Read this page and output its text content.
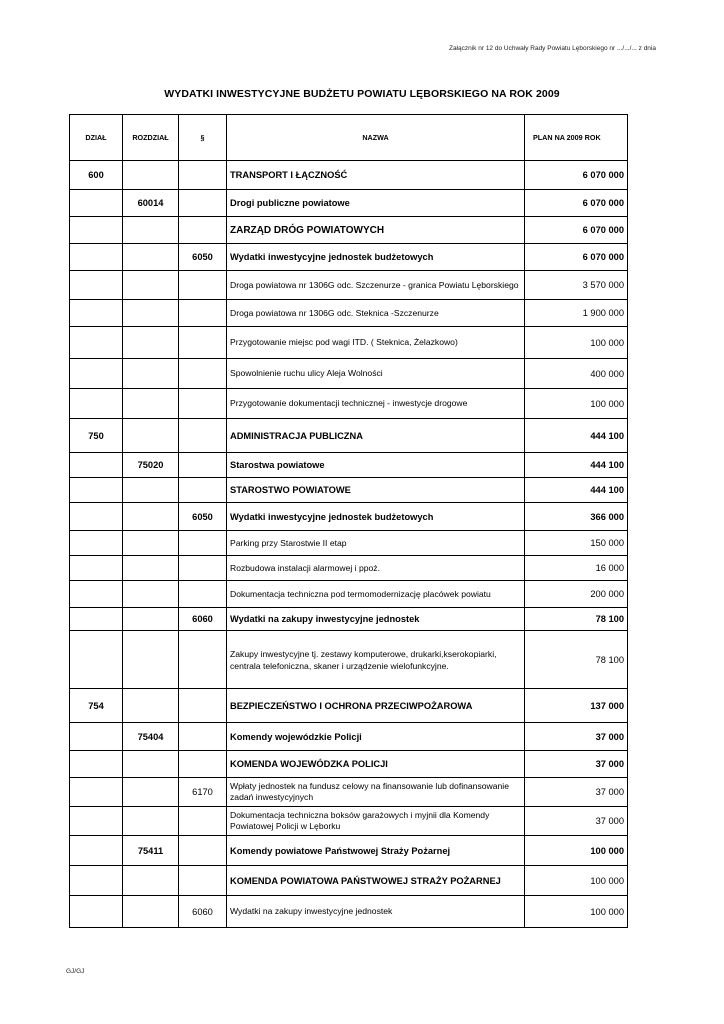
Załącznik nr 12 do Uchwały Rady Powiatu Lęborskiego nr .../.../... z dnia
WYDATKI INWESTYCYJNE BUDŻETU POWIATU LĘBORSKIEGO NA ROK 2009
DZIAŁ	ROZDZIAŁ	§	NAZWA	PLAN NA 2009 ROK
600			TRANSPORT I ŁĄCZNOŚĆ	6 070 000
	60014		Drogi publiczne powiatowe	6 070 000
			ZARZĄD DRÓG POWIATOWYCH	6 070 000
		6050	Wydatki inwestycyjne jednostek budżetowych	6 070 000
			Droga powiatowa nr 1306G odc. Szczenurze - granica Powiatu Lęborskiego	3 570 000
			Droga powiatowa nr 1306G odc. Steknica -Szczenurze	1 900 000
			Przygotowanie miejsc pod wagi ITD. ( Steknica, Żelazkowo)	100 000
			Spowolnienie ruchu ulicy Aleja Wolności	400 000
			Przygotowanie dokumentacji technicznej - inwestycje drogowe	100 000
750			ADMINISTRACJA PUBLICZNA	444 100
	75020		Starostwa powiatowe	444 100
			STAROSTWO POWIATOWE	444 100
		6050	Wydatki inwestycyjne jednostek budżetowych	366 000
			Parking przy Starostwie II etap	150 000
			Rozbudowa instalacji alarmowej i ppoż.	16 000
			Dokumentacja techniczna pod termomodernizację placówek powiatu	200 000
		6060	Wydatki na zakupy inwestycyjne jednostek	78 100
			Zakupy inwestycyjne tj. zestawy komputerowe, drukarki,kserokopiarki, centrala telefoniczna, skaner i urządzenie wielofunkcyjne.	78 100
754			BEZPIECZEŃSTWO I OCHRONA PRZECIWPOŻAROWA	137 000
	75404		Komendy wojewódzkie Policji	37 000
			KOMENDA WOJEWÓDZKA POLICJI	37 000
		6170	Wpłaty jednostek na fundusz celowy na finansowanie lub dofinansowanie zadań inwestycyjnych	37 000
			Dokumentacja techniczna boksów garażowych i myjnii dla Komendy Powiatowej Policji w Lęborku	37 000
	75411		Komendy powiatowe Państwowej Straży Pożarnej	100 000
			KOMENDA POWIATOWA PAŃSTWOWEJ STRAŻY POŻARNEJ	100 000
		6060	Wydatki na zakupy inwestycyjne jednostek	100 000
GJ/GJ
